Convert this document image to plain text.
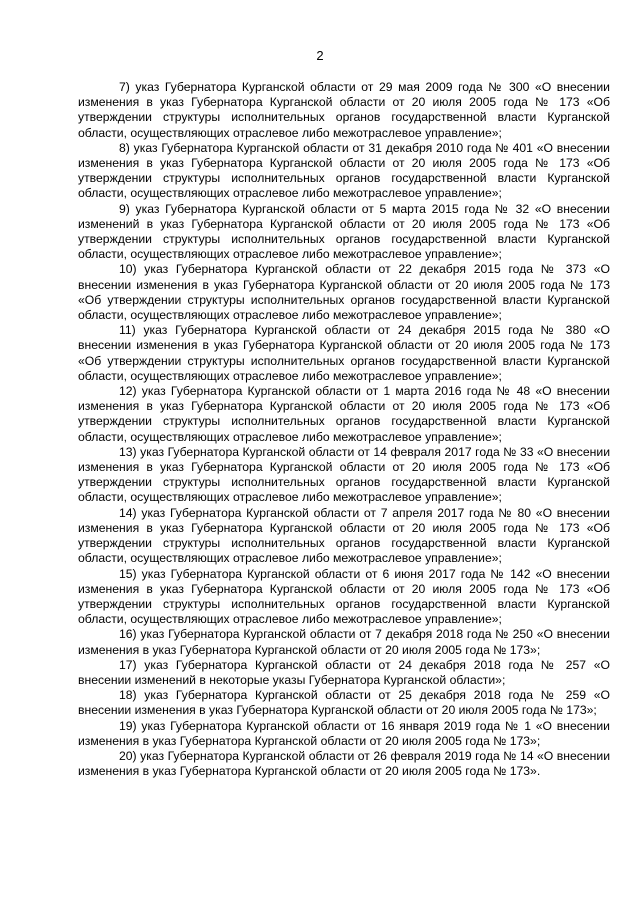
2

7) указ Губернатора Курганской области от 29 мая 2009 года № 300 «О внесении изменения в указ Губернатора Курганской области от 20 июля 2005 года № 173 «Об утверждении структуры исполнительных органов государственной власти Курганской области, осуществляющих отраслевое либо межотраслевое управление»;

8) указ Губернатора Курганской области от 31 декабря 2010 года № 401 «О внесении изменения в указ Губернатора Курганской области от 20 июля 2005 года № 173 «Об утверждении структуры исполнительных органов государственной власти Курганской области, осуществляющих отраслевое либо межотраслевое управление»;

9) указ Губернатора Курганской области от 5 марта 2015 года № 32 «О внесении изменений в указ Губернатора Курганской области от 20 июля 2005 года № 173 «Об утверждении структуры исполнительных органов государственной власти Курганской области, осуществляющих отраслевое либо межотраслевое управление»;

10) указ Губернатора Курганской области от 22 декабря 2015 года № 373 «О внесении изменения в указ Губернатора Курганской области от 20 июля 2005 года № 173 «Об утверждении структуры исполнительных органов государственной власти Курганской области, осуществляющих отраслевое либо межотраслевое управление»;

11) указ Губернатора Курганской области от 24 декабря 2015 года № 380 «О внесении изменения в указ Губернатора Курганской области от 20 июля 2005 года № 173 «Об утверждении структуры исполнительных органов государственной власти Курганской области, осуществляющих отраслевое либо межотраслевое управление»;

12) указ Губернатора Курганской области от 1 марта 2016 года № 48 «О внесении изменения в указ Губернатора Курганской области от 20 июля 2005 года № 173 «Об утверждении структуры исполнительных органов государственной власти Курганской области, осуществляющих отраслевое либо межотраслевое управление»;

13) указ Губернатора Курганской области от 14 февраля 2017 года № 33 «О внесении изменения в указ Губернатора Курганской области от 20 июля 2005 года № 173 «Об утверждении структуры исполнительных органов государственной власти Курганской области, осуществляющих отраслевое либо межотраслевое управление»;

14) указ Губернатора Курганской области от 7 апреля 2017 года № 80 «О внесении изменения в указ Губернатора Курганской области от 20 июля 2005 года № 173 «Об утверждении структуры исполнительных органов государственной власти Курганской области, осуществляющих отраслевое либо межотраслевое управление»;

15) указ Губернатора Курганской области от 6 июня 2017 года № 142 «О внесении изменения в указ Губернатора Курганской области от 20 июля 2005 года № 173 «Об утверждении структуры исполнительных органов государственной власти Курганской области, осуществляющих отраслевое либо межотраслевое управление»;

16) указ Губернатора Курганской области от 7 декабря 2018 года № 250 «О внесении изменения в указ Губернатора Курганской области от 20 июля 2005 года № 173»;

17) указ Губернатора Курганской области от 24 декабря 2018 года № 257 «О внесении изменений в некоторые указы Губернатора Курганской области»;

18) указ Губернатора Курганской области от 25 декабря 2018 года № 259 «О внесении изменения в указ Губернатора Курганской области от 20 июля 2005 года № 173»;

19) указ Губернатора Курганской области от 16 января 2019 года № 1 «О внесении изменения в указ Губернатора Курганской области от 20 июля 2005 года № 173»;

20) указ Губернатора Курганской области от 26 февраля 2019 года № 14 «О внесении изменения в указ Губернатора Курганской области от 20 июля 2005 года № 173».
